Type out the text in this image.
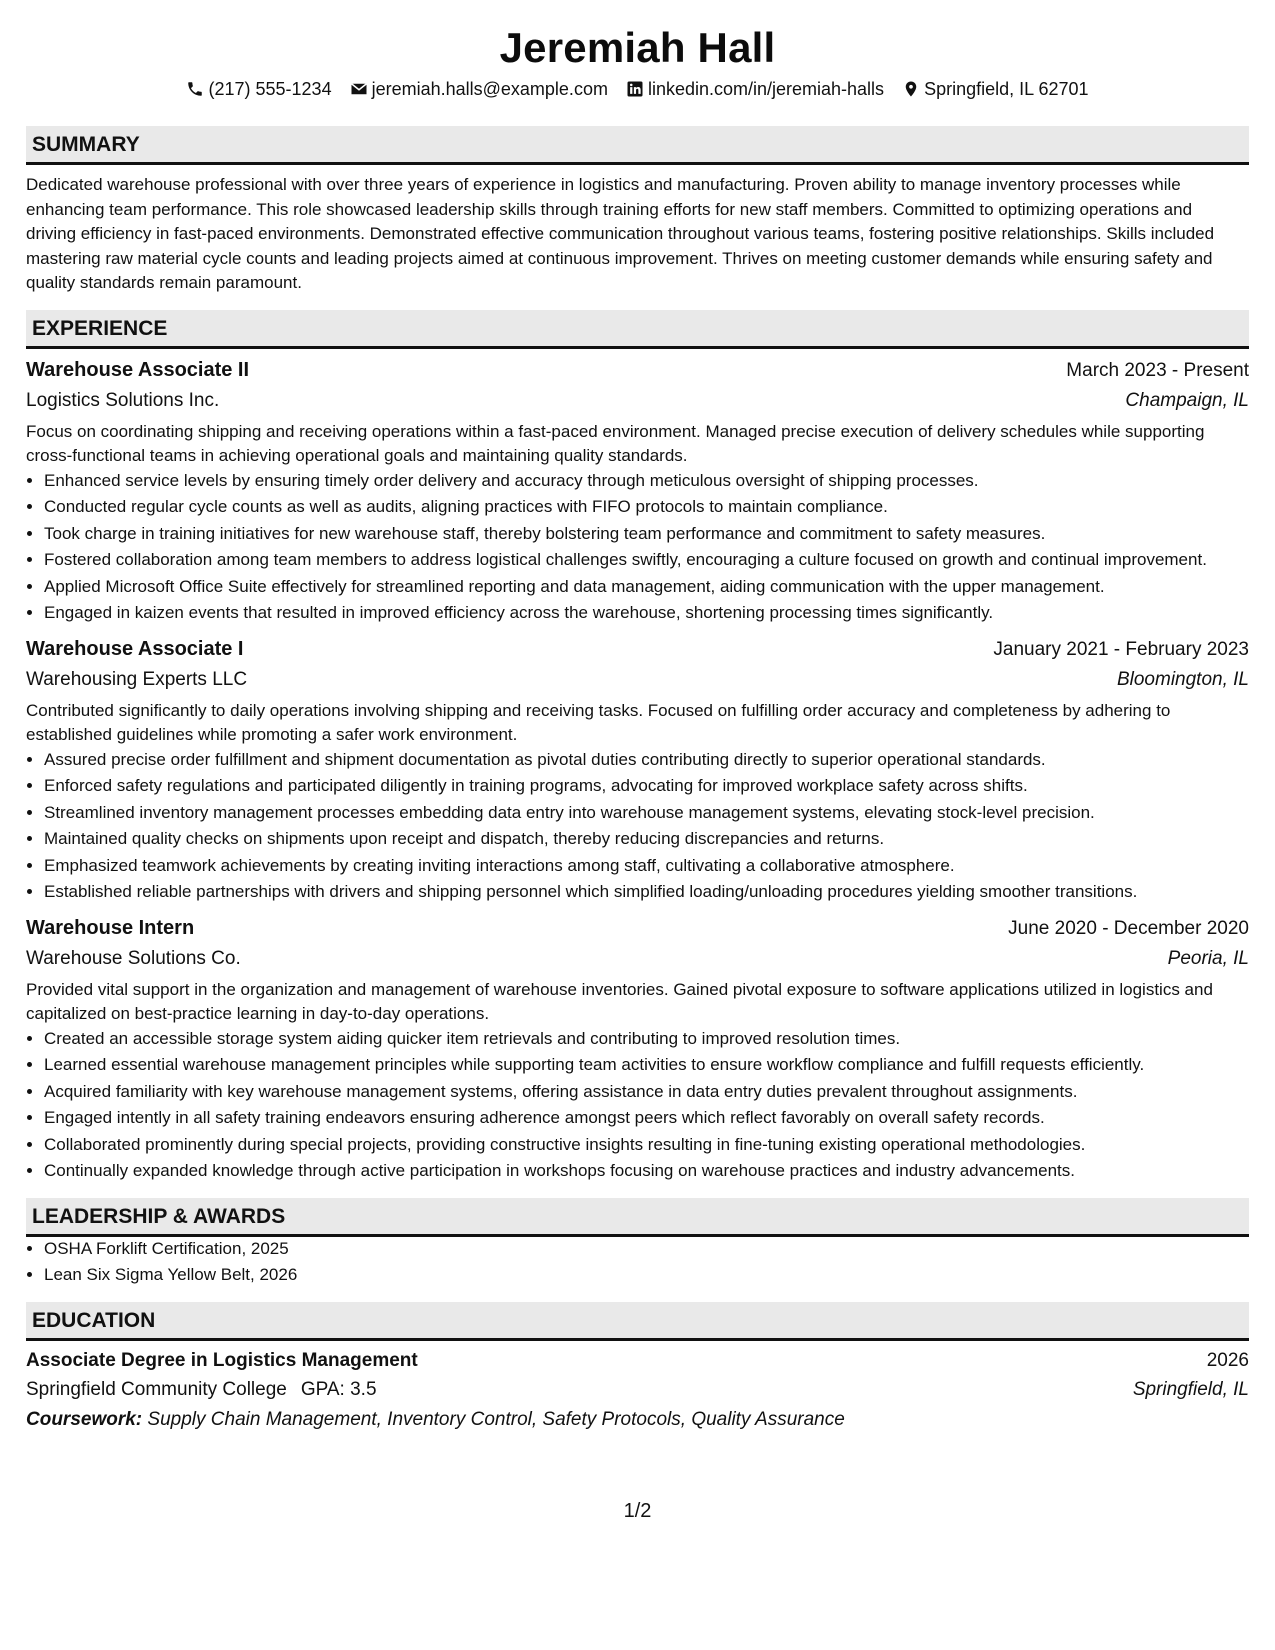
Jeremiah Hall
(217) 555-1234 jeremiah.halls@example.com linkedin.com/in/jeremiah-halls Springfield, IL 62701
SUMMARY
Dedicated warehouse professional with over three years of experience in logistics and manufacturing. Proven ability to manage inventory processes while enhancing team performance. This role showcased leadership skills through training efforts for new staff members. Committed to optimizing operations and driving efficiency in fast-paced environments. Demonstrated effective communication throughout various teams, fostering positive relationships. Skills included mastering raw material cycle counts and leading projects aimed at continuous improvement. Thrives on meeting customer demands while ensuring safety and quality standards remain paramount.
EXPERIENCE
Warehouse Associate II	March 2023 - Present
Logistics Solutions Inc.	Champaign, IL
Focus on coordinating shipping and receiving operations within a fast-paced environment. Managed precise execution of delivery schedules while supporting cross-functional teams in achieving operational goals and maintaining quality standards.
• Enhanced service levels by ensuring timely order delivery and accuracy through meticulous oversight of shipping processes.
• Conducted regular cycle counts as well as audits, aligning practices with FIFO protocols to maintain compliance.
• Took charge in training initiatives for new warehouse staff, thereby bolstering team performance and commitment to safety measures.
• Fostered collaboration among team members to address logistical challenges swiftly, encouraging a culture focused on growth and continual improvement.
• Applied Microsoft Office Suite effectively for streamlined reporting and data management, aiding communication with the upper management.
• Engaged in kaizen events that resulted in improved efficiency across the warehouse, shortening processing times significantly.
Warehouse Associate I	January 2021 - February 2023
Warehousing Experts LLC	Bloomington, IL
Contributed significantly to daily operations involving shipping and receiving tasks. Focused on fulfilling order accuracy and completeness by adhering to established guidelines while promoting a safer work environment.
• Assured precise order fulfillment and shipment documentation as pivotal duties contributing directly to superior operational standards.
• Enforced safety regulations and participated diligently in training programs, advocating for improved workplace safety across shifts.
• Streamlined inventory management processes embedding data entry into warehouse management systems, elevating stock-level precision.
• Maintained quality checks on shipments upon receipt and dispatch, thereby reducing discrepancies and returns.
• Emphasized teamwork achievements by creating inviting interactions among staff, cultivating a collaborative atmosphere.
• Established reliable partnerships with drivers and shipping personnel which simplified loading/unloading procedures yielding smoother transitions.
Warehouse Intern	June 2020 - December 2020
Warehouse Solutions Co.	Peoria, IL
Provided vital support in the organization and management of warehouse inventories. Gained pivotal exposure to software applications utilized in logistics and capitalized on best-practice learning in day-to-day operations.
• Created an accessible storage system aiding quicker item retrievals and contributing to improved resolution times.
• Learned essential warehouse management principles while supporting team activities to ensure workflow compliance and fulfill requests efficiently.
• Acquired familiarity with key warehouse management systems, offering assistance in data entry duties prevalent throughout assignments.
• Engaged intently in all safety training endeavors ensuring adherence amongst peers which reflect favorably on overall safety records.
• Collaborated prominently during special projects, providing constructive insights resulting in fine-tuning existing operational methodologies.
• Continually expanded knowledge through active participation in workshops focusing on warehouse practices and industry advancements.
LEADERSHIP & AWARDS
• OSHA Forklift Certification, 2025
• Lean Six Sigma Yellow Belt, 2026
EDUCATION
Associate Degree in Logistics Management	2026
Springfield Community College GPA: 3.5	Springfield, IL
Coursework: Supply Chain Management, Inventory Control, Safety Protocols, Quality Assurance
1/2
